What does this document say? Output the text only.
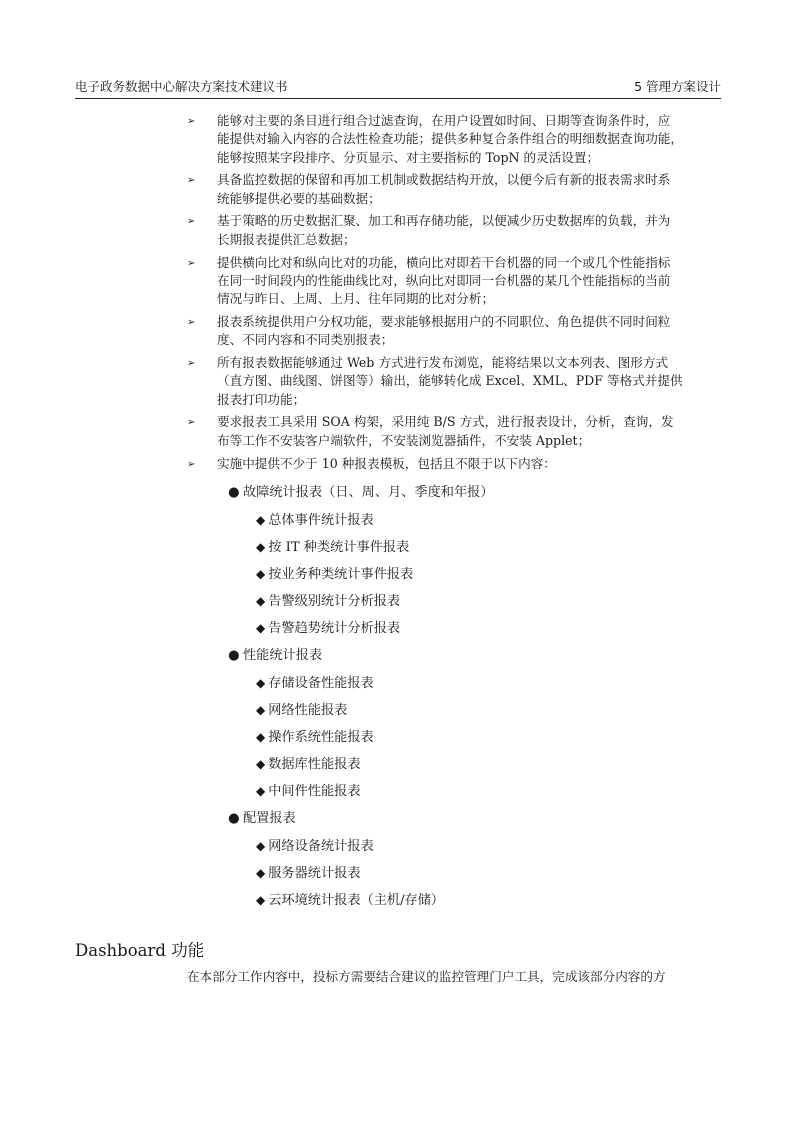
电子政务数据中心解决方案技术建议书	5 管理方案设计
➢ 能够对主要的条目进行组合过滤查询，在用户设置如时间、日期等查询条件时，应
能提供对输入内容的合法性检查功能；提供多种复合条件组合的明细数据查询功能，
能够按照某字段排序、分页显示、对主要指标的 TopN 的灵活设置；
➢ 具备监控数据的保留和再加工机制或数据结构开放，以便今后有新的报表需求时系
统能够提供必要的基础数据；
➢ 基于策略的历史数据汇聚、加工和再存储功能，以便减少历史数据库的负载，并为
长期报表提供汇总数据；
➢ 提供横向比对和纵向比对的功能，横向比对即若干台机器的同一个或几个性能指标
在同一时间段内的性能曲线比对，纵向比对即同一台机器的某几个性能指标的当前
情况与昨日、上周、上月、往年同期的比对分析；
➢ 报表系统提供用户分权功能，要求能够根据用户的不同职位、角色提供不同时间粒
度、不同内容和不同类别报表；
➢ 所有报表数据能够通过 Web 方式进行发布浏览，能将结果以文本列表、图形方式
（直方图、曲线图、饼图等）输出，能够转化成 Excel、XML、PDF 等格式并提供
报表打印功能；
➢ 要求报表工具采用 SOA 构架，采用纯 B/S 方式，进行报表设计，分析，查询，发
布等工作不安装客户端软件，不安装浏览器插件，不安装 Applet；
➢ 实施中提供不少于 10 种报表模板，包括且不限于以下内容：
● 故障统计报表（日、周、月、季度和年报）
◆ 总体事件统计报表
◆ 按 IT 种类统计事件报表
◆ 按业务种类统计事件报表
◆ 告警级别统计分析报表
◆ 告警趋势统计分析报表
● 性能统计报表
◆ 存储设备性能报表
◆ 网络性能报表
◆ 操作系统性能报表
◆ 数据库性能报表
◆ 中间件性能报表
● 配置报表
◆ 网络设备统计报表
◆ 服务器统计报表
◆ 云环境统计报表（主机/存储）
Dashboard 功能
在本部分工作内容中，投标方需要结合建议的监控管理门户工具，完成该部分内容的方
